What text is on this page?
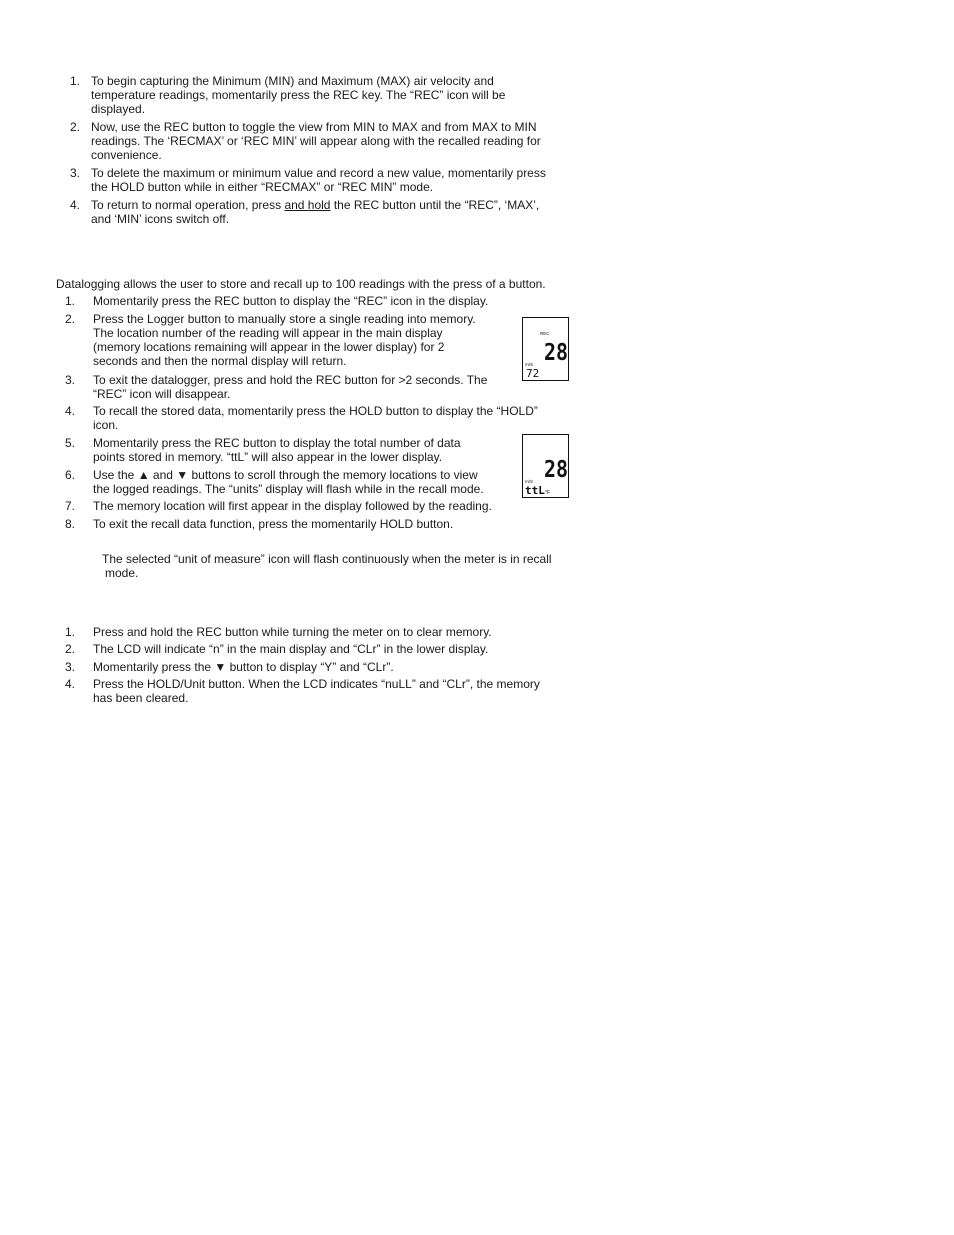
1. To begin capturing the Minimum (MIN) and Maximum (MAX) air velocity and
temperature readings, momentarily press the REC key. The “REC” icon will be
displayed.
2. Now, use the REC button to toggle the view from MIN to MAX and from MAX to MIN
readings. The ‘RECMAX’ or ‘REC MIN’ will appear along with the recalled reading for
convenience.
3. To delete the maximum or minimum value and record a new value, momentarily press
the HOLD button while in either “RECMAX” or “REC MIN” mode.
4. To return to normal operation, press and hold the REC button until the “REC”, ‘MAX’,
and ‘MIN’ icons switch off.
Datalogging allows the user to store and recall up to 100 readings with the press of a button.
1. Momentarily press the REC button to display the “REC” icon in the display.
2. Press the Logger button to manually store a single reading into memory.
The location number of the reading will appear in the main display
(memory locations remaining will appear in the lower display) for 2
seconds and then the normal display will return.
3. To exit the datalogger, press and hold the REC button for >2 seconds. The
“REC” icon will disappear.
4. To recall the stored data, momentarily press the HOLD button to display the “HOLD”
icon.
5. Momentarily press the REC button to display the total number of data
points stored in memory. “ttL” will also appear in the lower display.
6. Use the ▲ and ▼ buttons to scroll through the memory locations to view
the logged readings. The “units” display will flash while in the recall mode.
7. The memory location will first appear in the display followed by the reading.
8. To exit the recall data function, press the momentarily HOLD button.
The selected “unit of measure” icon will flash continuously when the meter is in recall
mode.
REC
28
m/S
72
28
m/S
ttL °F
1. Press and hold the REC button while turning the meter on to clear memory.
2. The LCD will indicate “n” in the main display and “CLr” in the lower display.
3. Momentarily press the ▼ button to display “Y” and “CLr”.
4. Press the HOLD/Unit button. When the LCD indicates “nuLL” and “CLr”, the memory
has been cleared.
